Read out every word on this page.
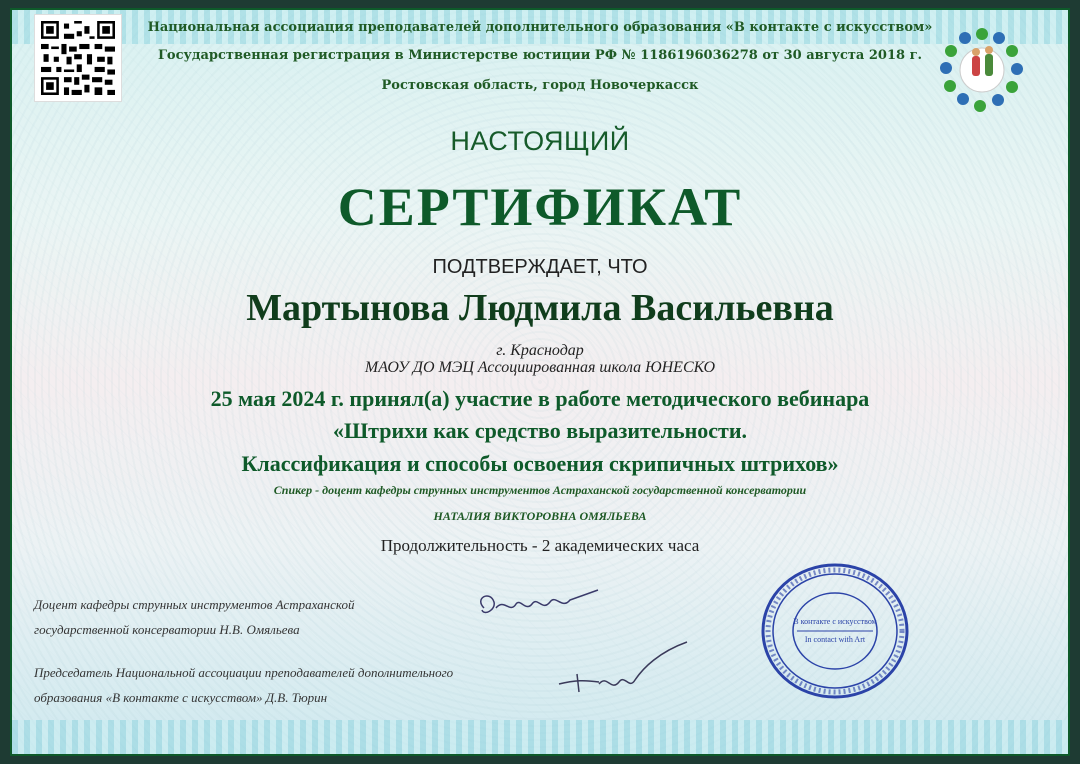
Национальная ассоциация преподавателей дополнительного образования «В контакте с искусством»
Государственная регистрация в Министерстве юстиции РФ № 1186196036278 от 30 августа 2018 г.
Ростовская область, город Новочеркасск
НАСТОЯЩИЙ
СЕРТИФИКАТ
ПОДТВЕРЖДАЕТ, ЧТО
Мартынова Людмила Васильевна
г. Краснодар
МАОУ ДО МЭЦ Ассоциированная школа ЮНЕСКО
25 мая 2024 г. принял(а) участие в работе методического вебинара
«Штрихи как средство выразительности.
Классификация и способы освоения скрипичных штрихов»
Спикер - доцент кафедры струнных инструментов Астраханской государственной консерватории
НАТАЛИЯ ВИКТОРОВНА ОМЯЛЬЕВА
Продолжительность - 2 академических часа
Доцент кафедры струнных инструментов Астраханской
государственной консерватории Н.В. Омяльева
Председатель Национальной ассоциации преподавателей дополнительного
образования «В контакте с искусством» Д.В. Тюрин
В контакте с искусством
In contact with Art
